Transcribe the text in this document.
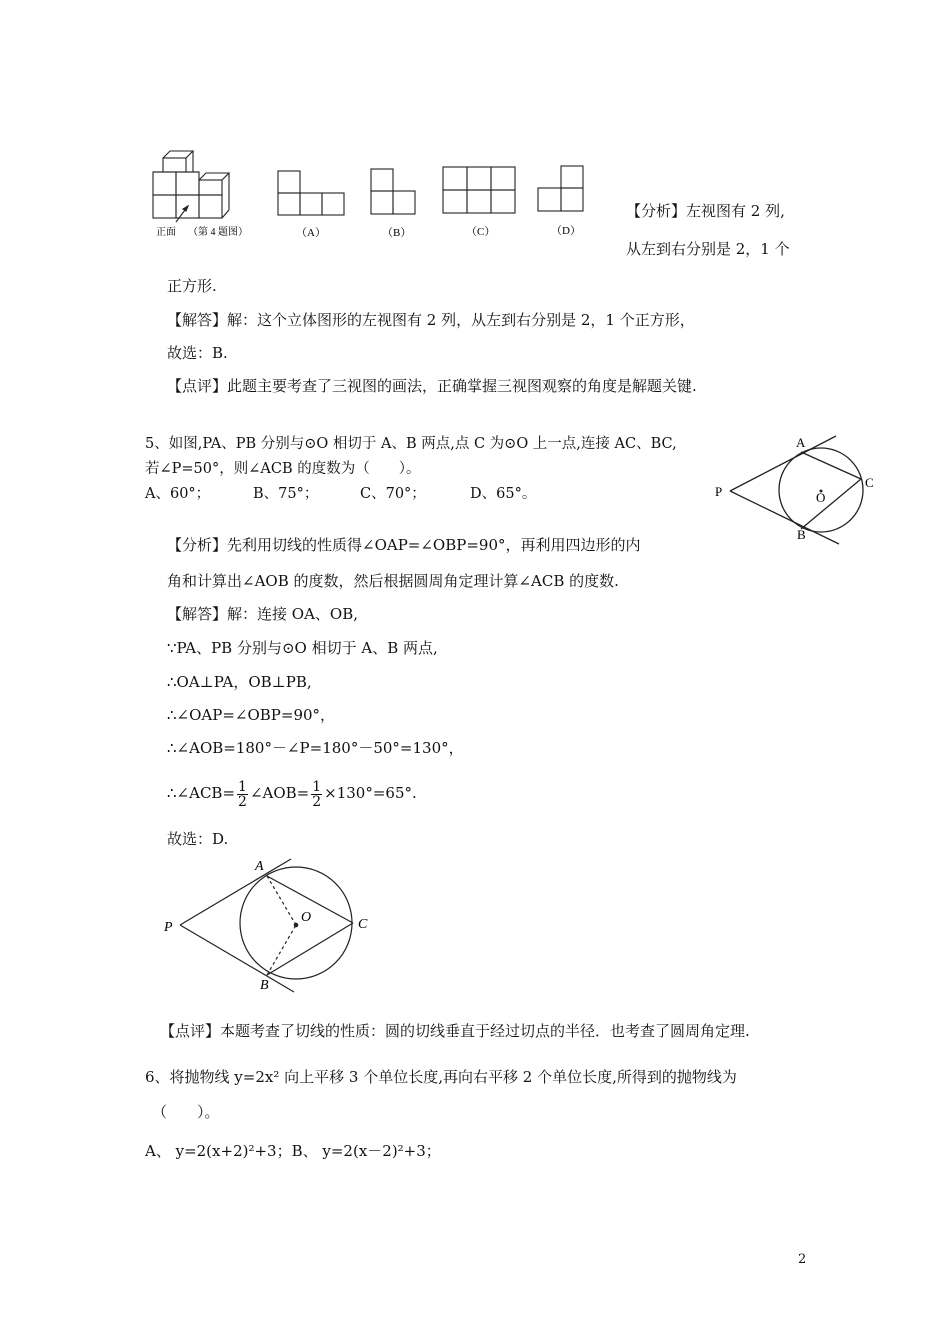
正面 （第 4 题图）	（A）	（B）	（C）	（D）
【分析】左视图有 2 列,
从左到右分别是 2，1 个
正方形.
【解答】解：这个立体图形的左视图有 2 列，从左到右分别是 2，1 个正方形，
故选：B.
【点评】此题主要考查了三视图的画法，正确掌握三视图观察的角度是解题关键.
5、如图,PA、PB 分别与⊙O 相切于 A、B 两点,点 C 为⊙O 上一点,连接 AC、BC,
若∠P=50°，则∠ACB 的度数为（　　）。
A、60°；	B、75°；	C、70°；	D、65°。
A
B
C
P	O
【分析】先利用切线的性质得∠OAP=∠OBP=90°，再利用四边形的内
角和计算出∠AOB 的度数，然后根据圆周角定理计算∠ACB 的度数.
【解答】解：连接 OA、OB,
∵PA、PB 分别与⊙O 相切于 A、B 两点,
∴OA⊥PA，OB⊥PB,
∴∠OAP=∠OBP=90°，
∴∠AOB=180°－∠P=180°－50°=130°，
∴∠ACB= $\frac{1}{2}$ ∠AOB= $\frac{1}{2} \times 130^\circ=65^\circ$.
故选：D.
A
B
C
P
O
【点评】本题考查了切线的性质：圆的切线垂直于经过切点的半径．也考查了圆周角定理.
6、将抛物线 y=2x² 向上平移 3 个单位长度,再向右平移 2 个单位长度,所得到的抛物线为
（　　）。
A、 y=2(x+2)²+3；B、 y=2(x－2)²+3；
2
